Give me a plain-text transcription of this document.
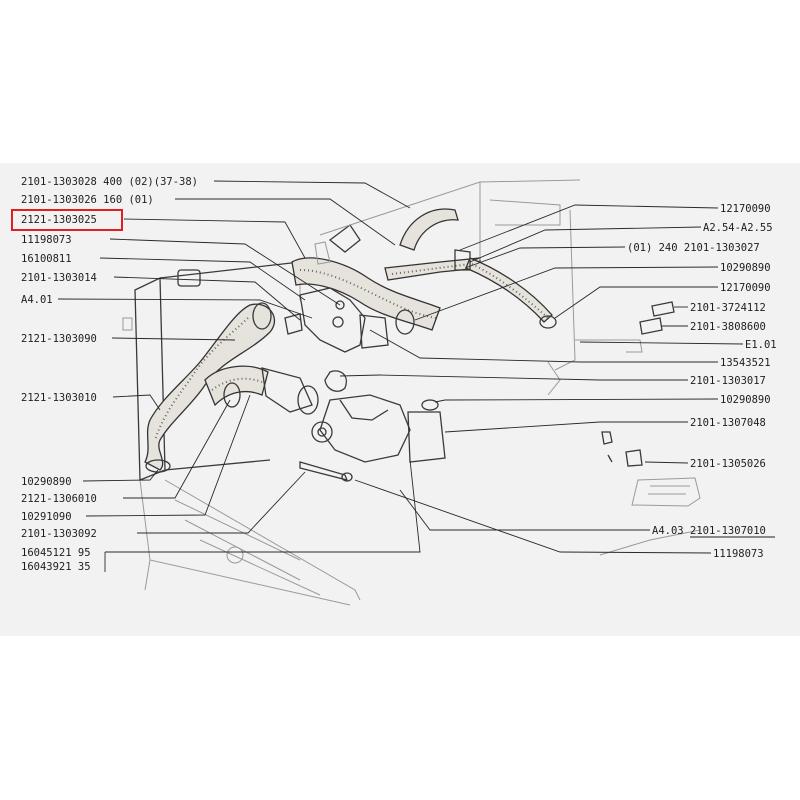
2101-1303028 400 (02)(37-38)
2101-1303026 160 (01)
2121-1303025
11198073
16100811
2101-1303014
A4.01
2121-1303090
2121-1303010
10290890
2121-1306010
10291090
2101-1303092
16045121 95
16043921 35
12170090
A2.54-A2.55
(01) 240 2101-1303027
10290890
12170090
2101-3724112
2101-3808600
E1.01
13543521
2101-1303017
10290890
2101-1307048
2101-1305026
A4.03 2101-1307010
11198073
